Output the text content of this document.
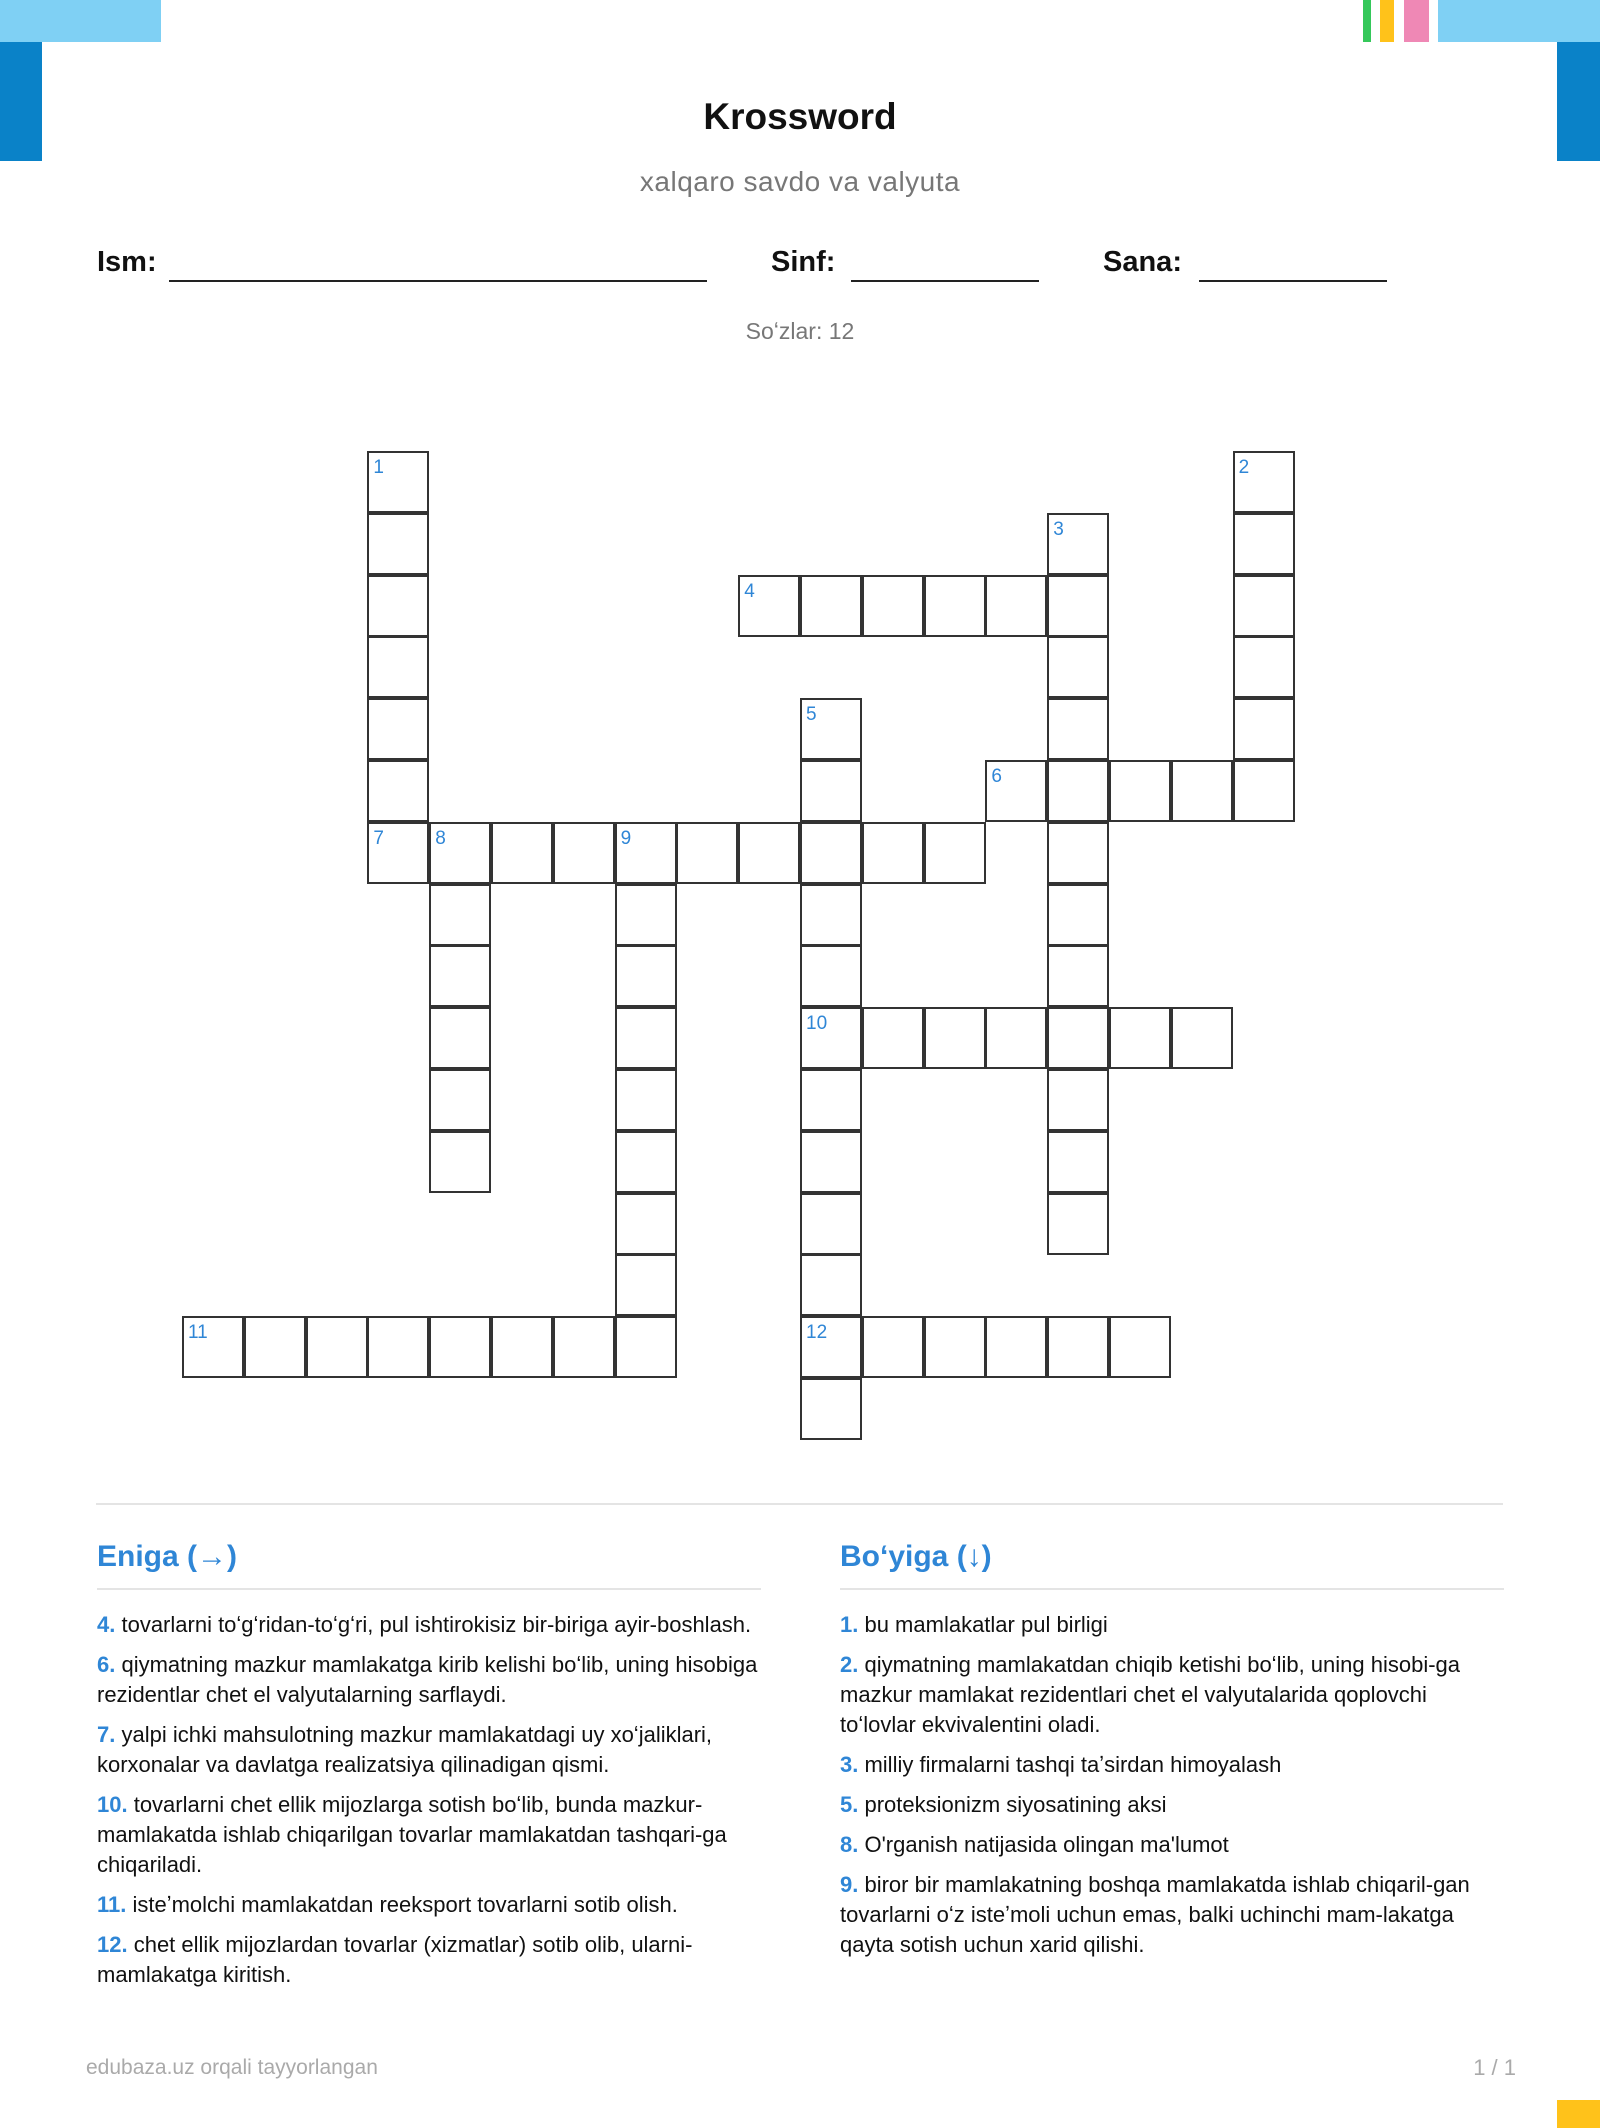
Krossword
xalqaro savdo va valyuta
Ism:	Sinf:	Sana:
Soʻzlar: 12
1	2
3
4
5
10
12
6
7	8	9
11
Eniga (→)
4. tovarlarni toʻgʻridan-toʻgʻri, pul ishtirokisiz bir-biriga ayir-boshlash.
6. qiymatning mazkur mamlakatga kirib kelishi boʻlib, uning hisobiga rezidentlar chet el valyutalarning sarflaydi.
7. yalpi ichki mahsulotning mazkur mamlakatdagi uy xoʻjaliklari, korxonalar va davlatga realizatsiya qilinadigan qismi.
10. tovarlarni chet ellik mijozlarga sotish boʻlib, bunda mazkur-mamlakatda ishlab chiqarilgan tovarlar mamlakatdan tashqari-ga chiqariladi.
11. isteʼmolchi mamlakatdan reeksport tovarlarni sotib olish.
12. chet ellik mijozlardan tovarlar (xizmatlar) sotib olib, ularni-mamlakatga kiritish.
Boʻyiga (↓)
1. bu mamlakatlar pul birligi
2. qiymatning mamlakatdan chiqib ketishi boʻlib, uning hisobi-ga mazkur mamlakat rezidentlari chet el valyutalarida qoplovchi toʻlovlar ekvivalentini oladi.
3. milliy firmalarni tashqi taʼsirdan himoyalash
5. proteksionizm siyosatining aksi
8. O'rganish natijasida olingan ma'lumot
9. biror bir mamlakatning boshqa mamlakatda ishlab chiqaril-gan tovarlarni oʻz isteʼmoli uchun emas, balki uchinchi mam-lakatga qayta sotish uchun xarid qilishi.
edubaza.uz orqali tayyorlangan	1 / 1
